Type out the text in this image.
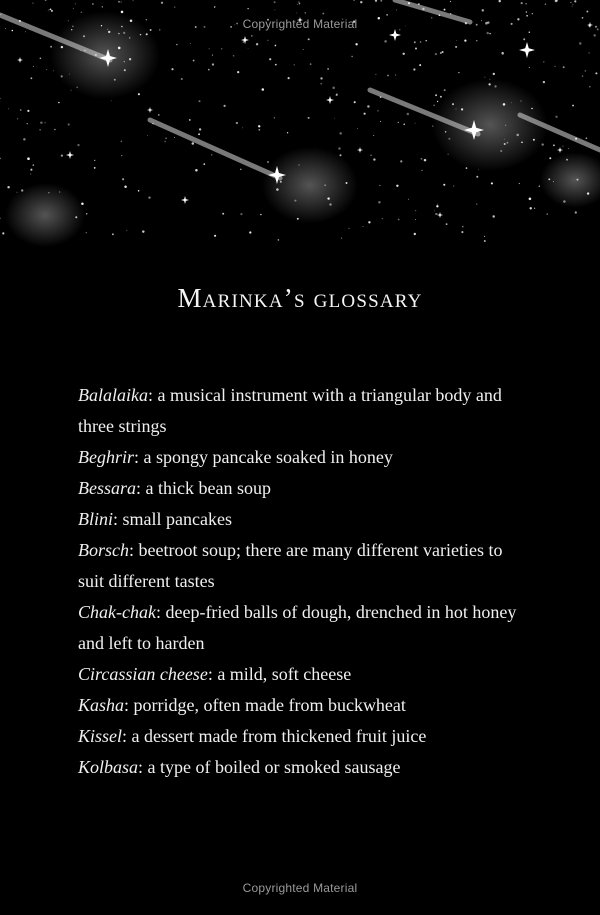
Copyrighted Material
Marinka’s glossary
Balalaika: a musical instrument with a triangular body and three strings
Beghrir: a spongy pancake soaked in honey
Bessara: a thick bean soup
Blini: small pancakes
Borsch: beetroot soup; there are many different varieties to suit different tastes
Chak-chak: deep-fried balls of dough, drenched in hot honey and left to harden
Circassian cheese: a mild, soft cheese
Kasha: porridge, often made from buckwheat
Kissel: a dessert made from thickened fruit juice
Kolbasa: a type of boiled or smoked sausage
Copyrighted Material
